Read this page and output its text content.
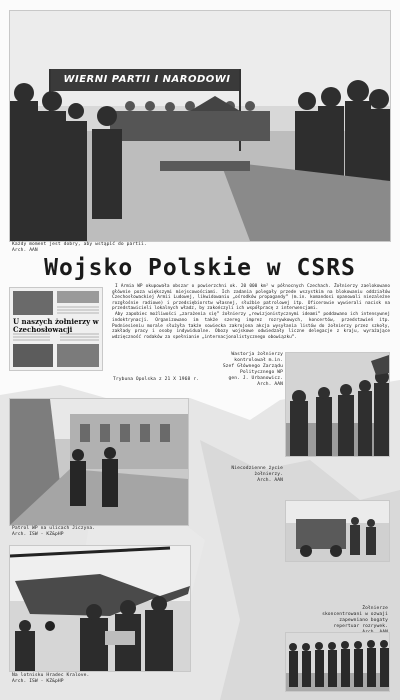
WIERNI PARTII I NARODOWI
Każdy moment jest dobry, aby wstąpić do partii.
Arch. AAN
Wojsko Polskie w CSRS
U naszych żołnierzy w Czechosłowacji
Trybuna Opolska z 21 X 1968 r.

I Armia WP okupowała obszar o powierzchni ok. 20 000 km² w północnych Czechach. Żołnierzy zaelokowano głównie poza większymi miejscowościami. Ich zadania polegały przede wszystkim na blokowaniu oddziałów Czechosłowackiej Armii Ludowej, likwidowaniu „ośrodków propagandy” (m.in. komandosi opanowali niezależne rozgłośnie radiowe) i przedsiębiorstw własnej, służbie patrolowej itp. Oficerowie wywierali nacisk na przedstawicieli lokalnych władz, by zakończyli ich współpracę z interwencjami.

Aby zapobiec możliwości „zarażenia się” żołnierzy „rewizjonistycznymi ideami” poddawano ich intensywnej indoktrynacji. Organizowano im także szereg imprez rozrywkowych, koncertów, przedstawień itp. Podniesieniu morale służyła także sowiecka zakrojona akcja wysyłania listów do żołnierzy przez szkoły, zakłady pracy i osoby indywidualne. Obozy wojskowe odwiedzały liczne delegacje z kraju, wyrażające wdzięczność rodaków za spełnianie „internacjonalistycznego obowiązku”.

Wastorja żołnierzy
kontrolował m.in.
Szef Głównego Zarządu
Politycznego WP
gen. J. Urbanowicz.
Arch. AAN
Patrol WP na ulicach Jiczyna.
Arch. ISW - KZ&pHP
Niecodzienne życie
żołnierzy.
Arch. AAN
Żołnierze
skoncentrowani w ozwaji
zapewniano bogaty
repertuar rozrywek.

Na lotnisku Hradec Kralove.
Arch. ISW - KZ&pHP
